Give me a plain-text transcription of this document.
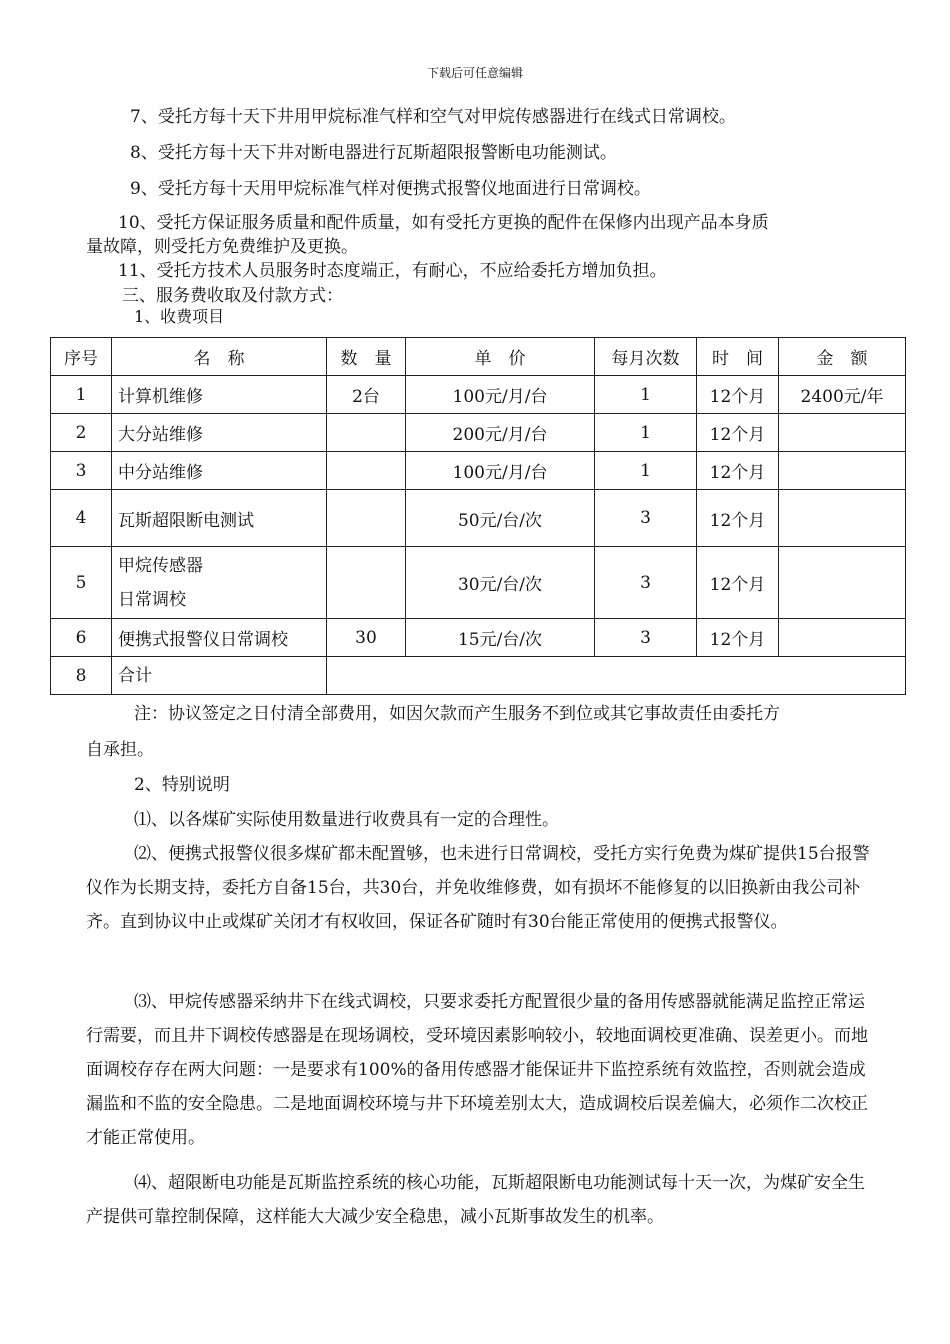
下载后可任意编辑
7、受托方每十天下井用甲烷标准气样和空气对甲烷传感器进行在线式日常调校。
8、受托方每十天下井对断电器进行瓦斯超限报警断电功能测试。
9、受托方每十天用甲烷标准气样对便携式报警仪地面进行日常调校。
10、受托方保证服务质量和配件质量，如有受托方更换的配件在保修内出现产品本身质
量故障，则受托方免费维护及更换。
11、受托方技术人员服务时态度端正，有耐心，不应给委托方增加负担。
三、服务费收取及付款方式：
1、收费项目
序号	名　称	数　量	单　价	每月次数	时　间	金　额
1	计算机维修	2台	100元/月/台	1	12个月	2400元/年
2	大分站维修		200元/月/台	1	12个月	
3	中分站维修		100元/月/台	1	12个月	
4	瓦斯超限断电测试		50元/台/次	3	12个月	
5	甲烷传感器
日常调校		30元/台/次	3	12个月	
6	便携式报警仪日常调校	30	15元/台/次	3	12个月	
8	合计					
注：协议签定之日付清全部费用，如因欠款而产生服务不到位或其它事故责任由委托方
自承担。
2、特别说明
⑴、以各煤矿实际使用数量进行收费具有一定的合理性。
⑵、便携式报警仪很多煤矿都未配置够，也未进行日常调校，受托方实行免费为煤矿提供15台报警仪作为长期支持，委托方自备15台，共30台，并免收维修费，如有损坏不能修复的以旧换新由我公司补齐。直到协议中止或煤矿关闭才有权收回，保证各矿随时有30台能正常使用的便携式报警仪。
⑶、甲烷传感器采纳井下在线式调校，只要求委托方配置很少量的备用传感器就能满足监控正常运行需要，而且井下调校传感器是在现场调校，受环境因素影响较小，较地面调校更准确、误差更小。而地面调校存存在两大问题：一是要求有100%的备用传感器才能保证井下监控系统有效监控，否则就会造成漏监和不监的安全隐患。二是地面调校环境与井下环境差别太大，造成调校后误差偏大，必须作二次校正才能正常使用。
⑷、超限断电功能是瓦斯监控系统的核心功能，瓦斯超限断电功能测试每十天一次，为煤矿安全生产提供可靠控制保障，这样能大大减少安全稳患，减小瓦斯事故发生的机率。
